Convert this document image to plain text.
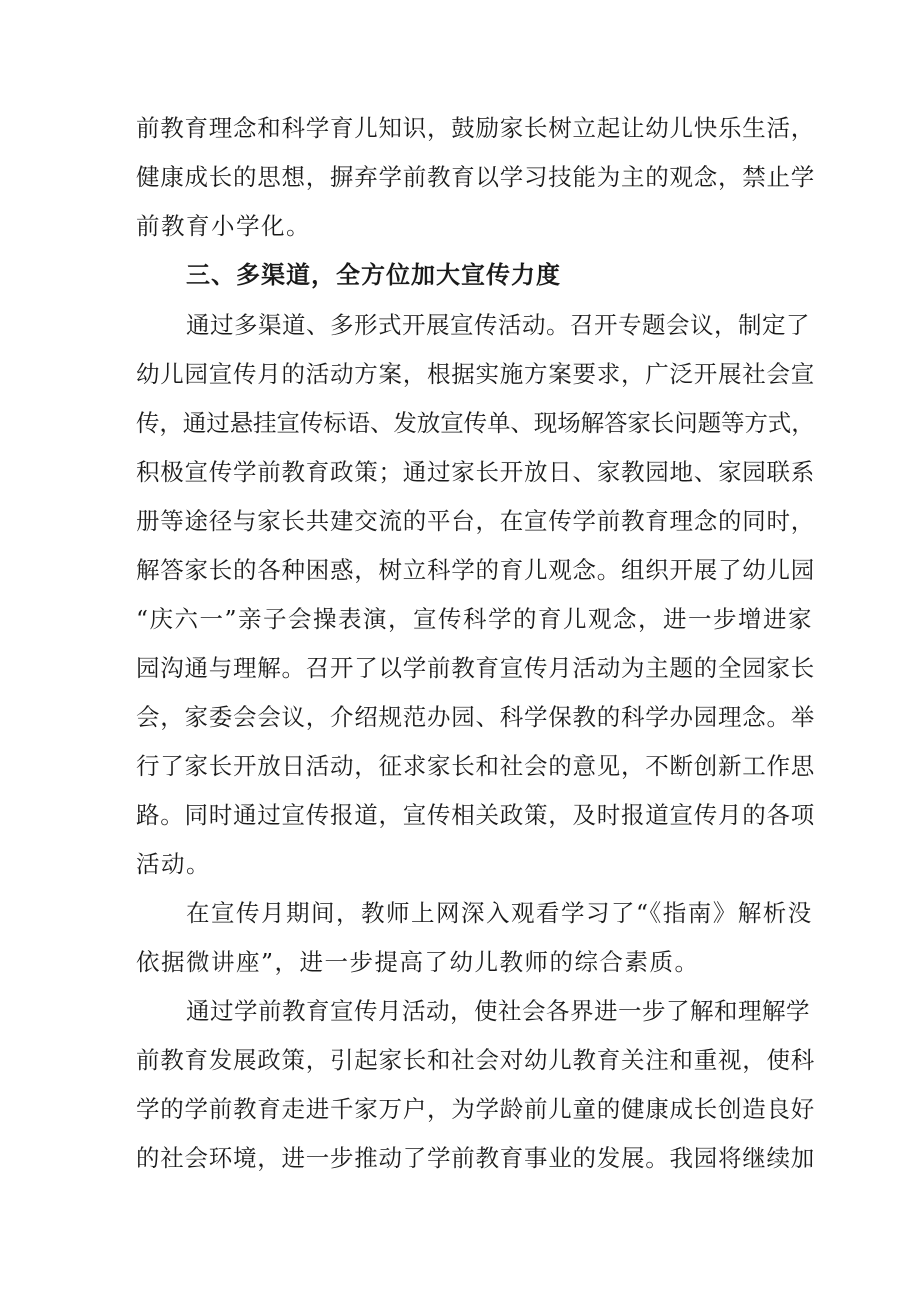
前教育理念和科学育儿知识，鼓励家长树立起让幼儿快乐生活，
健康成长的思想，摒弃学前教育以学习技能为主的观念，禁止学
前教育小学化。
三、多渠道，全方位加大宣传力度
通过多渠道、多形式开展宣传活动。召开专题会议，制定了
幼儿园宣传月的活动方案，根据实施方案要求，广泛开展社会宣
传，通过悬挂宣传标语、发放宣传单、现场解答家长问题等方式，
积极宣传学前教育政策；通过家长开放日、家教园地、家园联系
册等途径与家长共建交流的平台，在宣传学前教育理念的同时，
解答家长的各种困惑，树立科学的育儿观念。组织开展了幼儿园
“庆六一”亲子会操表演，宣传科学的育儿观念，进一步增进家
园沟通与理解。召开了以学前教育宣传月活动为主题的全园家长
会，家委会会议，介绍规范办园、科学保教的科学办园理念。举
行了家长开放日活动，征求家长和社会的意见，不断创新工作思
路。同时通过宣传报道，宣传相关政策，及时报道宣传月的各项
活动。
在宣传月期间，教师上网深入观看学习了“《指南》解析没
依据微讲座”，进一步提高了幼儿教师的综合素质。
通过学前教育宣传月活动，使社会各界进一步了解和理解学
前教育发展政策，引起家长和社会对幼儿教育关注和重视，使科
学的学前教育走进千家万户，为学龄前儿童的健康成长创造良好
的社会环境，进一步推动了学前教育事业的发展。我园将继续加
